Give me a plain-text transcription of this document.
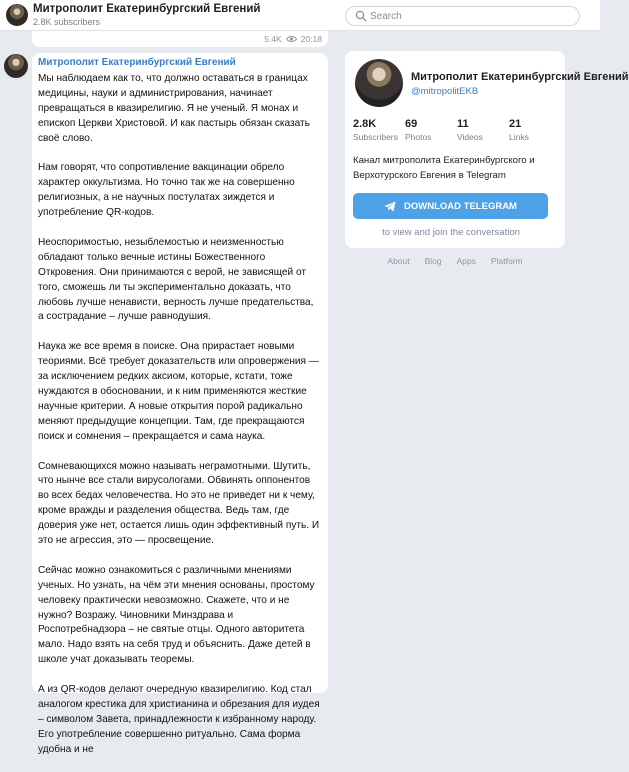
Митрополит Екатеринбургский Евгений
2.8K subscribers
Search
5.4K 20:18
Митрополит Екатеринбургский Евгений

Мы наблюдаем как то, что должно оставаться в границах медицины, науки и администрирования, начинает превращаться в квазирелигию. Я не ученый. Я монах и епископ Церкви Христовой. И как пастырь обязан сказать своё слово.

Нам говорят, что сопротивление вакцинации обрело характер оккультизма. Но точно так же на совершенно религиозных, а не научных постулатах зиждется и употребление QR-кодов.

Неоспоримостью, незыблемостью и неизменностью обладают только вечные истины Божественного Откровения. Они принимаются с верой, не зависящей от того, сможешь ли ты экспериментально доказать, что любовь лучше ненависти, верность лучше предательства, а сострадание – лучше равнодушия.

Наука же все время в поиске. Она прирастает новыми теориями. Всё требует доказательств или опровержения — за исключением редких аксиом, которые, кстати, тоже нуждаются в обосновании, и к ним применяются жесткие научные критерии. А новые открытия порой радикально меняют предыдущие концепции. Там, где прекращаются поиск и сомнения – прекращается и сама наука.

Сомневающихся можно называть неграмотными. Шутить, что нынче все стали вирусологами. Обвинять оппонентов во всех бедах человечества. Но это не приведет ни к чему, кроме вражды и разделения общества. Ведь там, где доверия уже нет, остается лишь один эффективный путь. И это не агрессия, это — просвещение.

Сейчас можно ознакомиться с различными мнениями ученых. Но узнать, на чём эти мнения основаны, простому человеку практически невозможно. Скажете, что и не нужно? Возражу. Чиновники Минздрава и Роспотребнадзора – не святые отцы. Одного авторитета мало. Надо взять на себя труд и объяснить. Даже детей в школе учат доказывать теоремы.

А из QR-кодов делают очередную квазирелигию. Код стал аналогом крестика для христианина и обрезания для иудея – символом Завета, принадлежности к избранному народу. Его употребление совершенно ритуально. Сама форма удобна и не

Митрополит Екатеринбургский Евгений
@mitropolitEKB
2.8K
Subscribers
69
Photos
11
Videos
21
Links
Канал митрополита Екатеринбургского и Верхотурского Евгения в Telegram
DOWNLOAD TELEGRAM
to view and join the conversation
About Blog Apps Platform
